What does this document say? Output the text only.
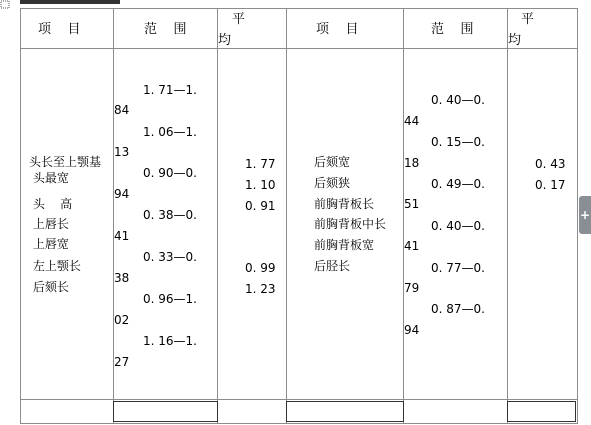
项    目	范    围
平
均
项    目	范    围
平
均
头长至上颚基
头最宽
头    高
上唇长
上唇宽
左上颚长
后颏长
1. 71—1.
84
1. 06—1.
13
0. 90—0.
94
0. 38—0.
41
0. 33—0.
38
0. 96—1.
02
1. 16—1.
27
1. 77
1. 10
0. 91
0. 99
1. 23
后颏宽
后颏狭
前胸背板长
前胸背板中长
前胸背板宽
后胫长
0. 40—0.
44
0. 15—0.
18
0. 49—0.
51
0. 40—0.
41
0. 77—0.
79
0. 87—0.
94
0. 43
0. 17
+
